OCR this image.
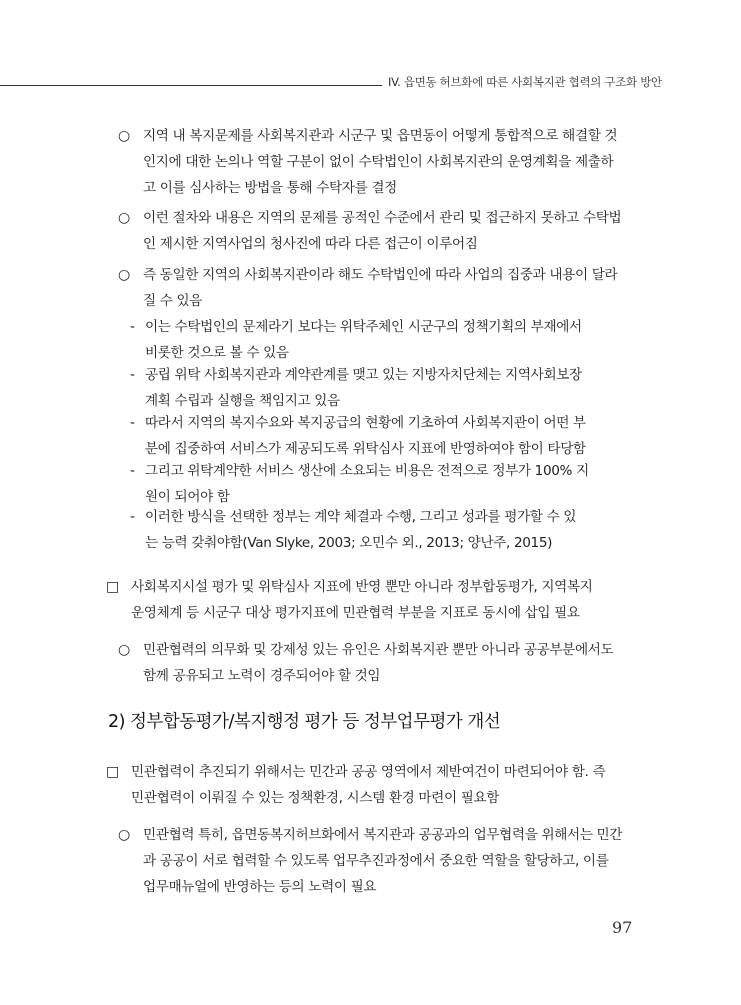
IV. 읍면동 허브화에 따른 사회복지관 협력의 구조화 방안
○ 지역 내 복지문제를 사회복지관과 시군구 및 읍면동이 어떻게 통합적으로 해결할 것
인지에 대한 논의나 역할 구분이 없이 수탁법인이 사회복지관의 운영계획을 제출하
고 이를 심사하는 방법을 통해 수탁자를 결정
○ 이런 절차와 내용은 지역의 문제를 공적인 수준에서 관리 및 접근하지 못하고 수탁법
인 제시한 지역사업의 청사진에 따라 다른 접근이 이루어짐
○ 즉 동일한 지역의 사회복지관이라 해도 수탁법인에 따라 사업의 집중과 내용이 달라
질 수 있음
- 이는 수탁법인의 문제라기 보다는 위탁주체인 시군구의 정책기획의 부재에서
비롯한 것으로 볼 수 있음
- 공립 위탁 사회복지관과 계약관계를 맺고 있는 지방자치단체는 지역사회보장
계획 수립과 실행을 책임지고 있음
- 따라서 지역의 복지수요와 복지공급의 현황에 기초하여 사회복지관이 어떤 부
분에 집중하여 서비스가 제공되도록 위탁심사 지표에 반영하여야 함이 타당함
- 그리고 위탁계약한 서비스 생산에 소요되는 비용은 전적으로 정부가 100% 지
원이 되어야 함
- 이러한 방식을 선택한 정부는 계약 체결과 수행, 그리고 성과를 평가할 수 있
는 능력 갖춰야함(Van Slyke, 2003; 오민수 외., 2013; 양난주, 2015)
□ 사회복지시설 평가 및 위탁심사 지표에 반영 뿐만 아니라 정부합동평가, 지역복지
운영체계 등 시군구 대상 평가지표에 민관협력 부분을 지표로 동시에 삽입 필요
○ 민관협력의 의무화 및 강제성 있는 유인은 사회복지관 뿐만 아니라 공공부분에서도
함께 공유되고 노력이 경주되어야 할 것임
2) 정부합동평가/복지행정 평가 등 정부업무평가 개선
□ 민관협력이 추진되기 위해서는 민간과 공공 영역에서 제반여건이 마련되어야 함. 즉
민관협력이 이뤄질 수 있는 정책환경, 시스템 환경 마련이 필요함
○ 민관협력 특히, 읍면동복지허브화에서 복지관과 공공과의 업무협력을 위해서는 민간
과 공공이 서로 협력할 수 있도록 업무추진과정에서 중요한 역할을 할당하고, 이를
업무매뉴얼에 반영하는 등의 노력이 필요
97
